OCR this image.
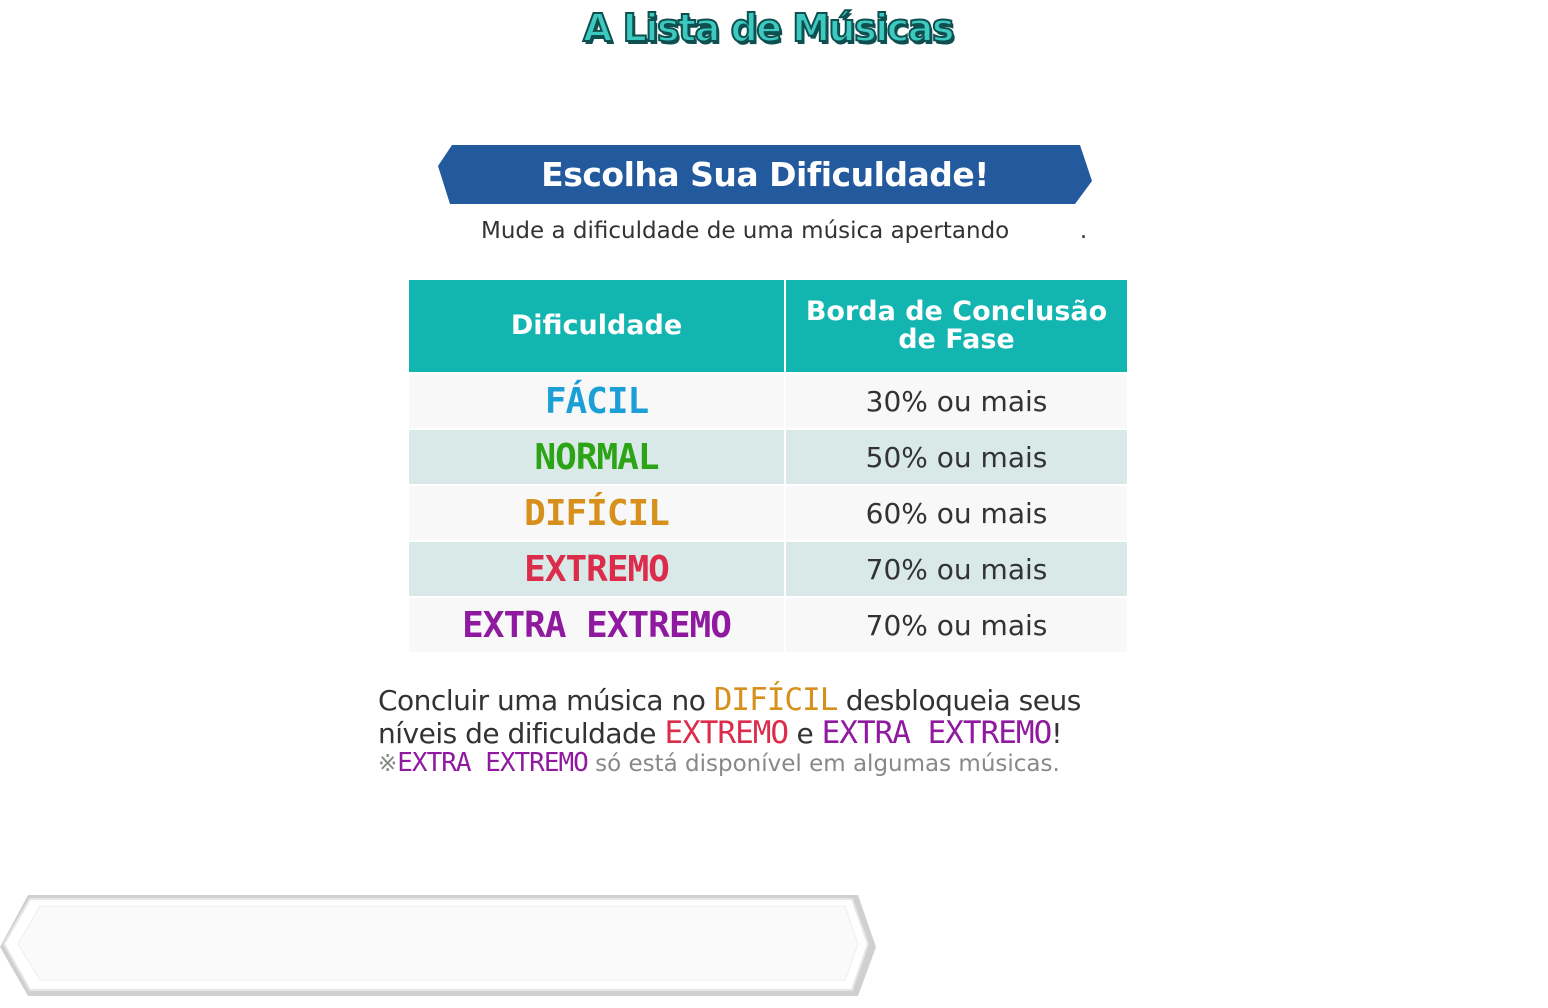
A Lista de Músicas
Escolha Sua Dificuldade!
Mude a dificuldade de uma música apertando	.
Dificuldade	Borda de Conclusão
de Fase

FÁCIL	30% ou mais
NORMAL	50% ou mais
DIFÍCIL	60% ou mais
EXTREMO	70% ou mais
EXTRA EXTREMO	70% ou mais
Concluir uma música no DIFÍCIL desbloqueia seus
níveis de dificuldade EXTREMO e EXTRA EXTREMO!
※EXTRA EXTREMO só está disponível em algumas músicas.
